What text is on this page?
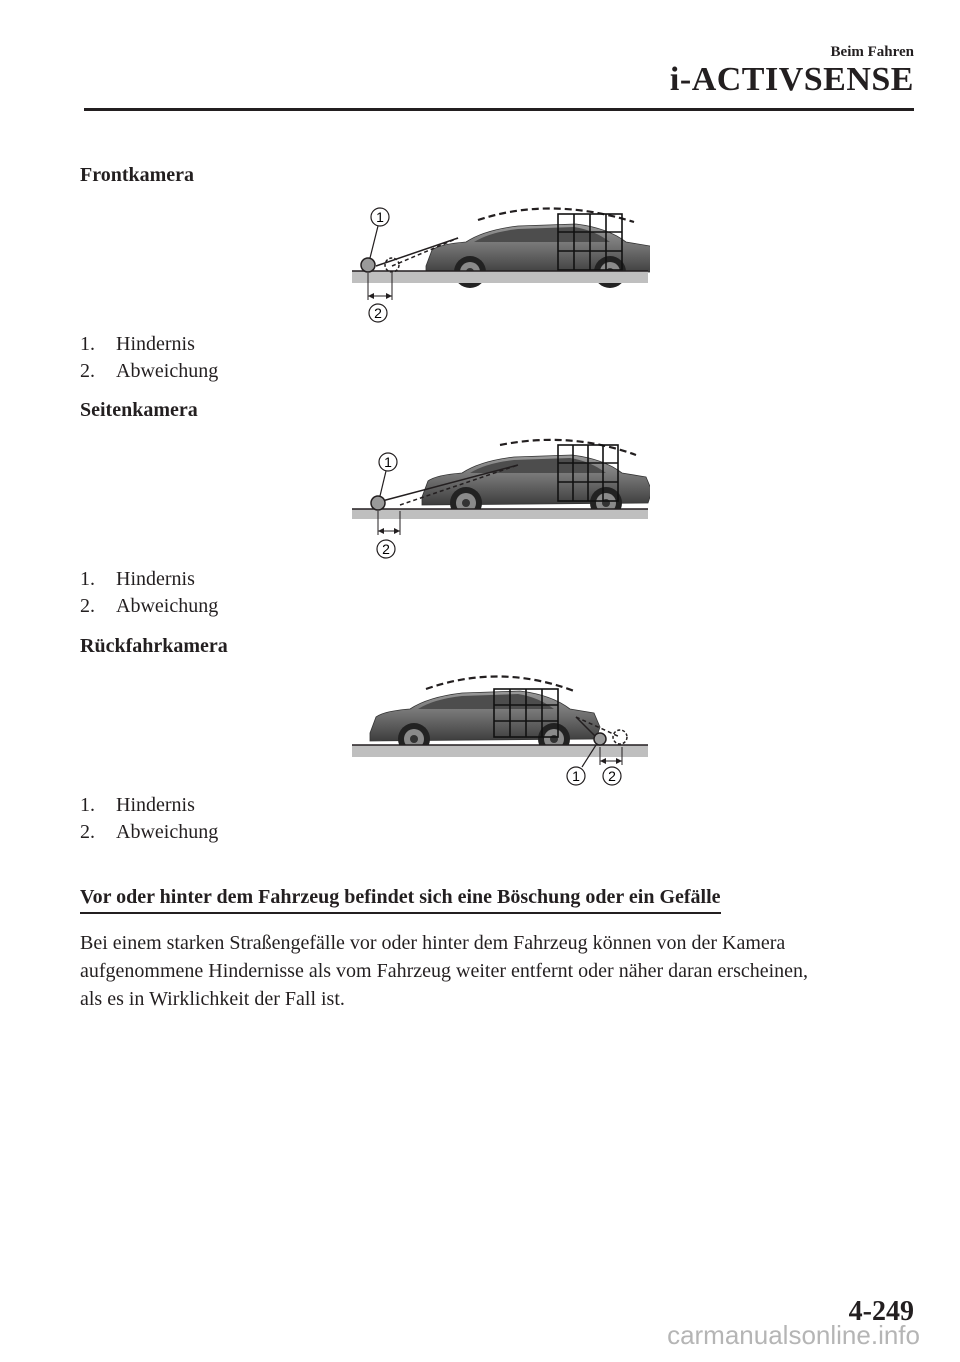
Beim Fahren
i-ACTIVSENSE
Frontkamera
1
2
1. Hindernis
2. Abweichung
Seitenkamera
1
2
1. Hindernis
2. Abweichung
Rückfahrkamera
1 2
1. Hindernis
2. Abweichung
Vor oder hinter dem Fahrzeug befindet sich eine Böschung oder ein Gefälle

Bei einem starken Straßengefälle vor oder hinter dem Fahrzeug können von der Kamera

aufgenommene Hindernisse als vom Fahrzeug weiter entfernt oder näher daran erscheinen,

als es in Wirklichkeit der Fall ist.

4-249
carmanualsonline.info
